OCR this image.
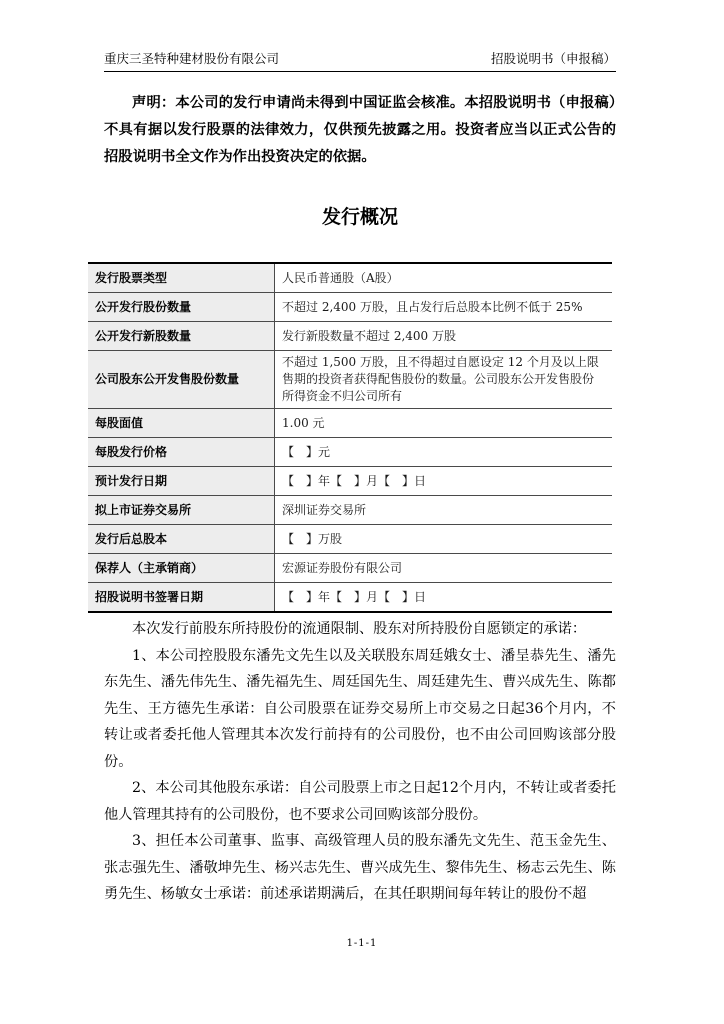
重庆三圣特种建材股份有限公司	招股说明书（申报稿）
声明：本公司的发行申请尚未得到中国证监会核准。本招股说明书（申报稿）不具有据以发行股票的法律效力，仅供预先披露之用。投资者应当以正式公告的招股说明书全文作为作出投资决定的依据。
发行概况
发行股票类型	人民币普通股（A股）
公开发行股份数量	不超过 2,400 万股，且占发行后总股本比例不低于 25%
公开发行新股数量	发行新股数量不超过 2,400 万股
公司股东公开发售股份数量	不超过 1,500 万股，且不得超过自愿设定 12 个月及以上限售期的投资者获得配售股份的数量。公司股东公开发售股份所得资金不归公司所有
每股面值	1.00 元
每股发行价格	【　】元
预计发行日期	【　】年【　】月【　】日
拟上市证券交易所	深圳证券交易所
发行后总股本	【　】万股
保荐人（主承销商）	宏源证券股份有限公司
招股说明书签署日期	【　】年【　】月【　】日

本次发行前股东所持股份的流通限制、股东对所持股份自愿锁定的承诺：

1、本公司控股股东潘先文先生以及关联股东周廷娥女士、潘呈恭先生、潘先东先生、潘先伟先生、潘先福先生、周廷国先生、周廷建先生、曹兴成先生、陈都先生、王方德先生承诺：自公司股票在证券交易所上市交易之日起36个月内，不转让或者委托他人管理其本次发行前持有的公司股份，也不由公司回购该部分股份。

2、本公司其他股东承诺：自公司股票上市之日起12个月内，不转让或者委托他人管理其持有的公司股份，也不要求公司回购该部分股份。

3、担任本公司董事、监事、高级管理人员的股东潘先文先生、范玉金先生、张志强先生、潘敬坤先生、杨兴志先生、曹兴成先生、黎伟先生、杨志云先生、陈勇先生、杨敏女士承诺：前述承诺期满后，在其任职期间每年转让的股份不超

1-1-1
